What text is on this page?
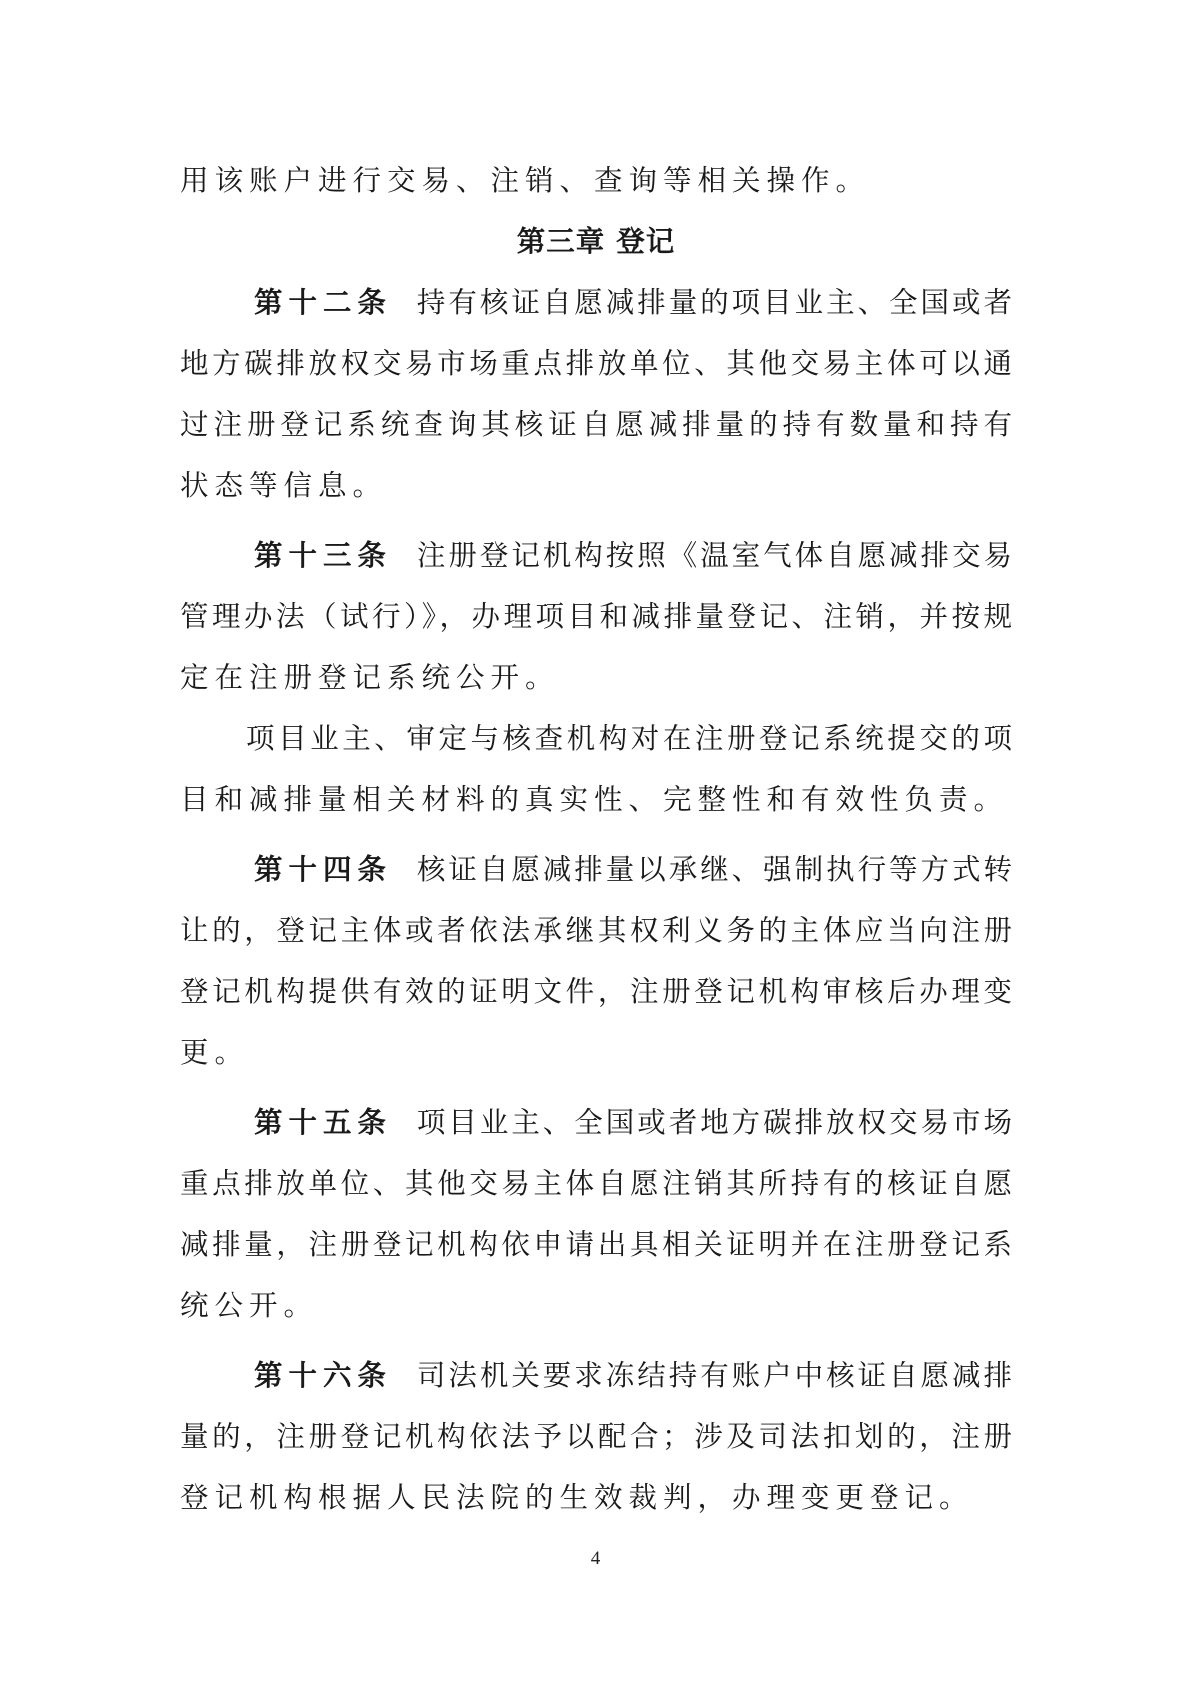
用该账户进行交易、注销、查询等相关操作。
第三章 登记
第十二条 持有核证自愿减排量的项目业主、全国或者
地方碳排放权交易市场重点排放单位、其他交易主体可以通
过注册登记系统查询其核证自愿减排量的持有数量和持有
状态等信息。
第十三条 注册登记机构按照《温室气体自愿减排交易
管理办法（试行）》，办理项目和减排量登记、注销，并按规
定在注册登记系统公开。
项目业主、审定与核查机构对在注册登记系统提交的项
目和减排量相关材料的真实性、完整性和有效性负责。
第十四条 核证自愿减排量以承继、强制执行等方式转
让的，登记主体或者依法承继其权利义务的主体应当向注册
登记机构提供有效的证明文件，注册登记机构审核后办理变
更。
第十五条 项目业主、全国或者地方碳排放权交易市场
重点排放单位、其他交易主体自愿注销其所持有的核证自愿
减排量，注册登记机构依申请出具相关证明并在注册登记系
统公开。
第十六条 司法机关要求冻结持有账户中核证自愿减排
量的，注册登记机构依法予以配合；涉及司法扣划的，注册
登记机构根据人民法院的生效裁判，办理变更登记。
4
